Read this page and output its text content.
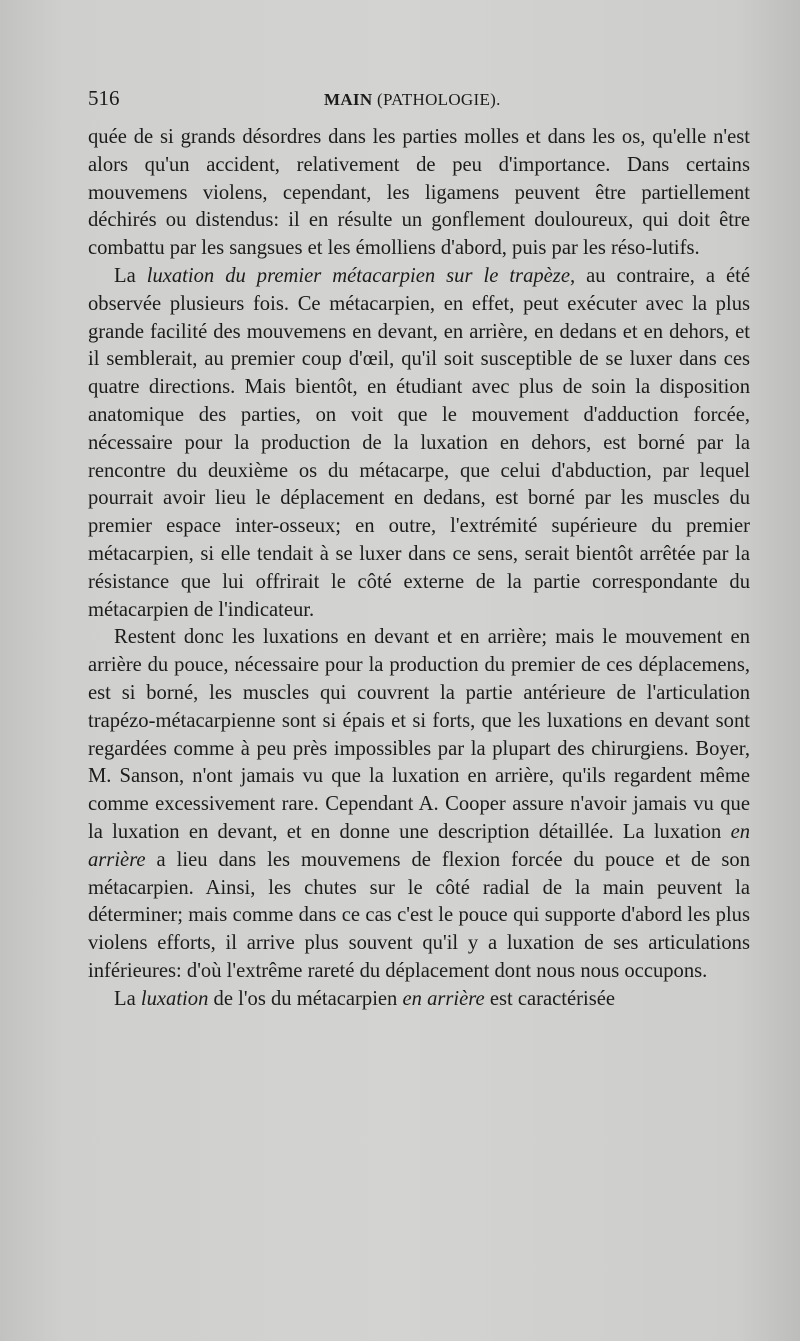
516	MAIN (PATHOLOGIE).

quée de si grands désordres dans les parties molles et dans les os, qu'elle n'est alors qu'un accident, relativement de peu d'importance. Dans certains mouvemens violens, cependant, les ligamens peuvent être partiellement déchirés ou distendus: il en résulte un gonflement douloureux, qui doit être combattu par les sangsues et les émolliens d'abord, puis par les réso-lutifs.

La luxation du premier métacarpien sur le trapèze, au contraire, a été observée plusieurs fois. Ce métacarpien, en effet, peut exécuter avec la plus grande facilité des mouvemens en devant, en arrière, en dedans et en dehors, et il semblerait, au premier coup d'œil, qu'il soit susceptible de se luxer dans ces quatre directions. Mais bientôt, en étudiant avec plus de soin la disposition anatomique des parties, on voit que le mouvement d'adduction forcée, nécessaire pour la production de la luxation en dehors, est borné par la rencontre du deuxième os du métacarpe, que celui d'abduction, par lequel pourrait avoir lieu le déplacement en dedans, est borné par les muscles du premier espace inter-osseux; en outre, l'extrémité supérieure du premier métacarpien, si elle tendait à se luxer dans ce sens, serait bientôt arrêtée par la résistance que lui offrirait le côté externe de la partie correspondante du métacarpien de l'indicateur.

Restent donc les luxations en devant et en arrière; mais le mouvement en arrière du pouce, nécessaire pour la production du premier de ces déplacemens, est si borné, les muscles qui couvrent la partie antérieure de l'articulation trapézo-métacarpienne sont si épais et si forts, que les luxations en devant sont regardées comme à peu près impossibles par la plupart des chirurgiens. Boyer, M. Sanson, n'ont jamais vu que la luxation en arrière, qu'ils regardent même comme excessivement rare. Cependant A. Cooper assure n'avoir jamais vu que la luxation en devant, et en donne une description détaillée. La luxation en arrière a lieu dans les mouvemens de flexion forcée du pouce et de son métacarpien. Ainsi, les chutes sur le côté radial de la main peuvent la déterminer; mais comme dans ce cas c'est le pouce qui supporte d'abord les plus violens efforts, il arrive plus souvent qu'il y a luxation de ses articulations inférieures: d'où l'extrême rareté du déplacement dont nous nous occupons.

La luxation de l'os du métacarpien en arrière est caractérisée
